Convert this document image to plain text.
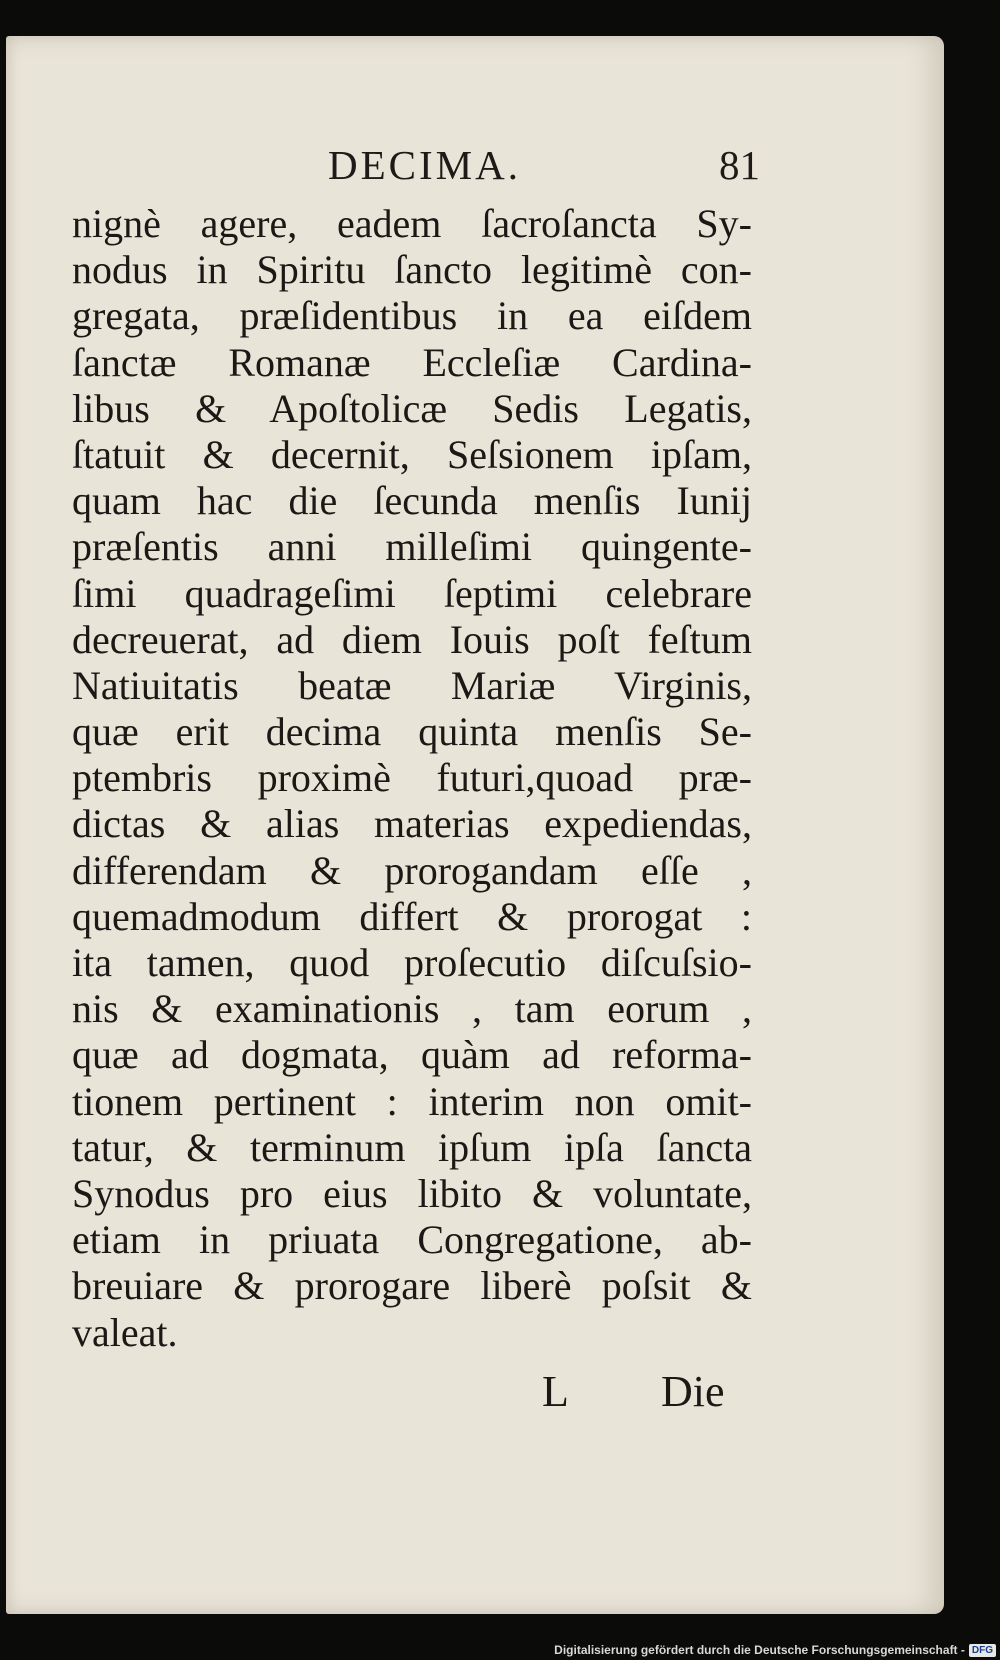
DECIMA.	81
nignè agere, eadem ſacroſancta Sy-
nodus in Spiritu ſancto legitimè con-
gregata, præſidentibus in ea eiſdem
ſanctæ Romanæ Eccleſiæ Cardina-
libus & Apoſtolicæ Sedis Legatis,
ſtatuit & decernit, Seſsionem ipſam,
quam hac die ſecunda menſis Iunij
præſentis anni milleſimi quingente-
ſimi quadrageſimi ſeptimi celebrare
decreuerat, ad diem Iouis poſt feſtum
Natiuitatis beatæ Mariæ Virginis,
quæ erit decima quinta menſis Se-
ptembris proximè futuri,quoad præ-
dictas & alias materias expediendas,
differendam & prorogandam eſſe ,
quemadmodum differt & prorogat :
ita tamen, quod proſecutio diſcuſsio-
nis & examinationis , tam eorum ,
quæ ad dogmata, quàm ad reforma-
tionem pertinent : interim non omit-
tatur, & terminum ipſum ipſa ſancta
Synodus pro eius libito & voluntate,
etiam in priuata Congregatione, ab-
breuiare & prorogare liberè poſsit &
valeat.
L Die
Digitalisierung gefördert durch die Deutsche Forschungsgemeinschaft - DFG
